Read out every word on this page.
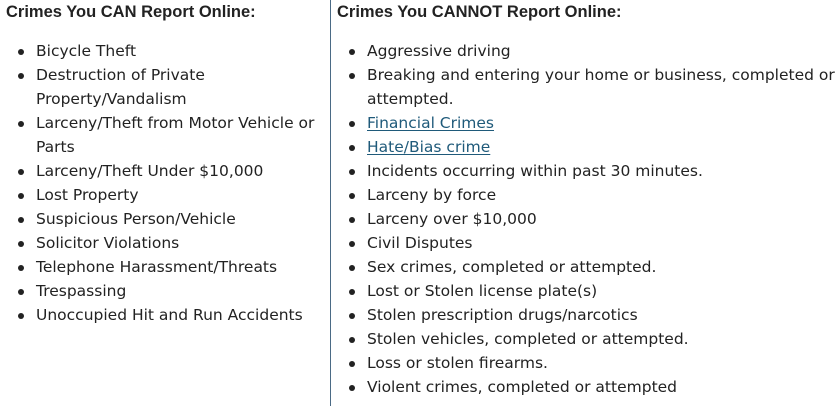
Crimes You CAN Report Online:
Bicycle Theft
Destruction of Private Property/Vandalism
Larceny/Theft from Motor Vehicle or Parts
Larceny/Theft Under $10,000
Lost Property
Suspicious Person/Vehicle
Solicitor Violations
Telephone Harassment/Threats
Trespassing
Unoccupied Hit and Run Accidents
Crimes You CANNOT Report Online:
Aggressive driving
Breaking and entering your home or business, completed or attempted.
Financial Crimes
Hate/Bias crime
Incidents occurring within past 30 minutes.
Larceny by force
Larceny over $10,000
Civil Disputes
Sex crimes, completed or attempted.
Lost or Stolen license plate(s)
Stolen prescription drugs/narcotics
Stolen vehicles, completed or attempted.
Loss or stolen firearms.
Violent crimes, completed or attempted
